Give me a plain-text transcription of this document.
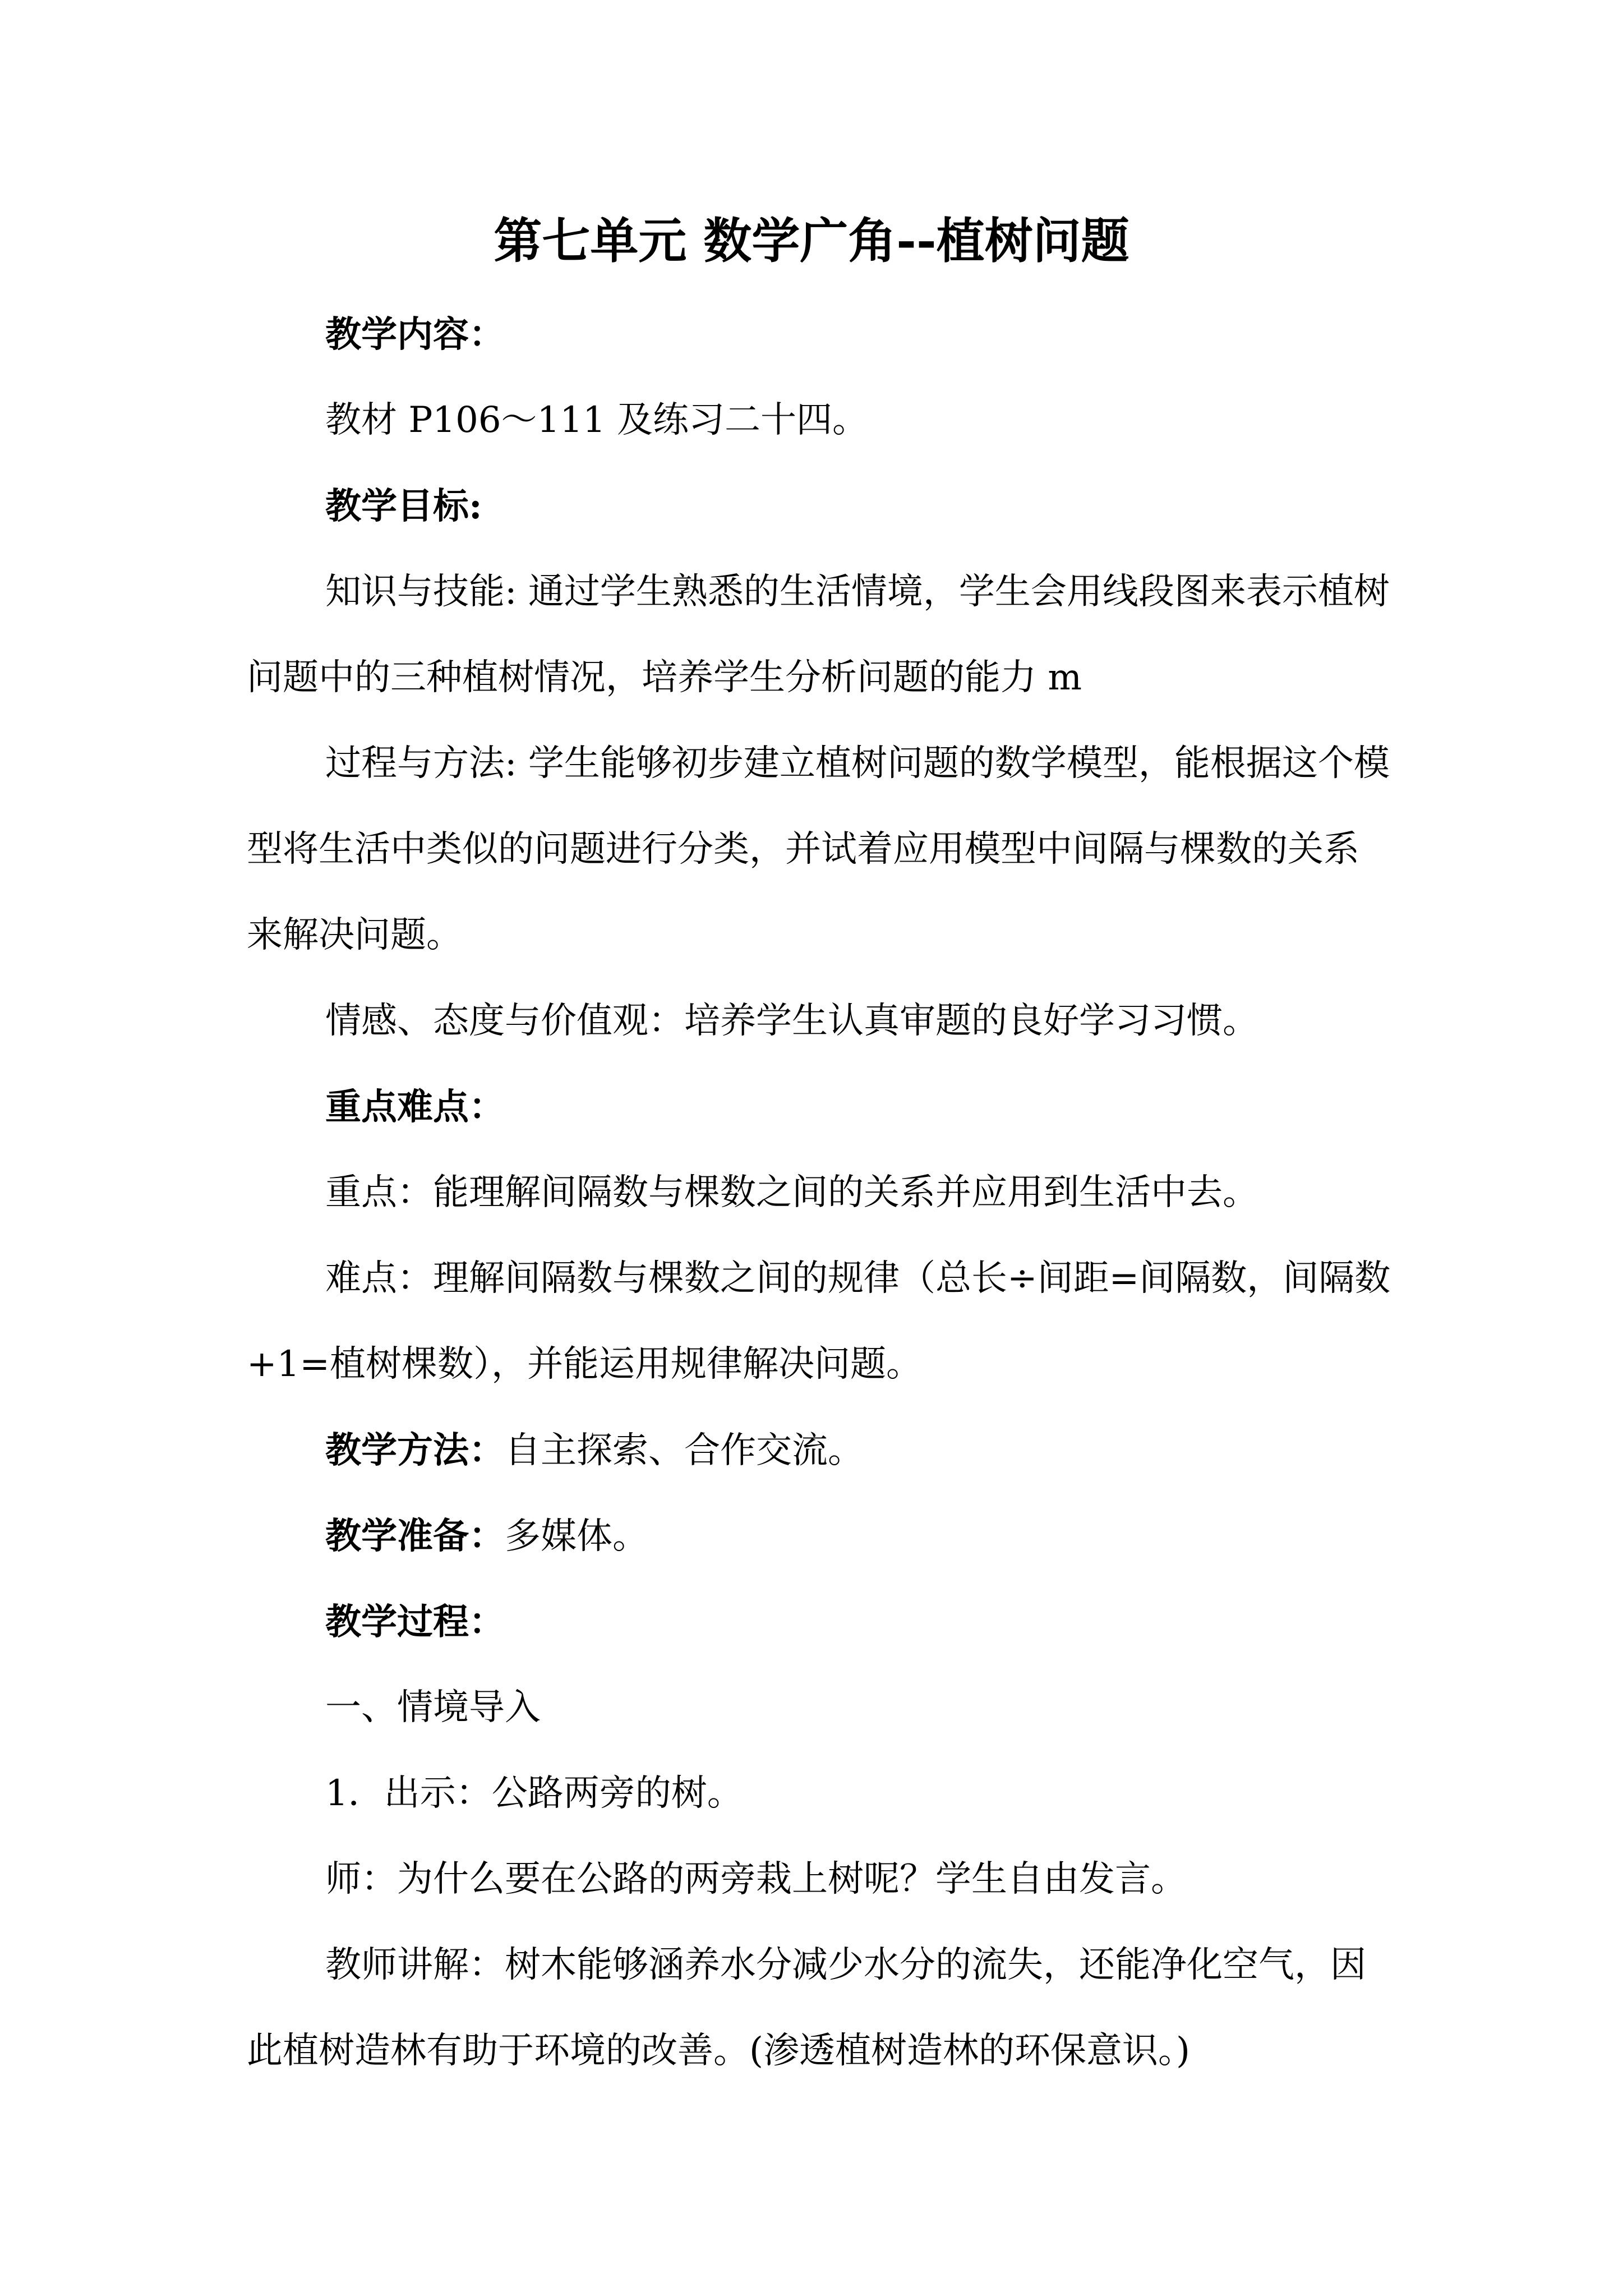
第七单元 数学广角--植树问题

教学内容：

教材 P106～111 及练习二十四。

教学目标:

知识与技能: 通过学生熟悉的生活情境，学生会用线段图来表示植树问题中的三种植树情况，培养学生分析问题的能力 m

过程与方法: 学生能够初步建立植树问题的数学模型，能根据这个模型将生活中类似的问题进行分类，并试着应用模型中间隔与棵数的关系来解决问题。

情感、态度与价值观：培养学生认真审题的良好学习习惯。

重点难点：

重点：能理解间隔数与棵数之间的关系并应用到生活中去。

难点：理解间隔数与棵数之间的规律（总长÷间距=间隔数，间隔数+1=植树棵数），并能运用规律解决问题。

教学方法：自主探索、合作交流。

教学准备：多媒体。

教学过程：

一、情境导入

1．出示：公路两旁的树。

师：为什么要在公路的两旁栽上树呢？学生自由发言。

教师讲解：树木能够涵养水分减少水分的流失，还能净化空气，因此植树造林有助于环境的改善。(渗透植树造林的环保意识。)
